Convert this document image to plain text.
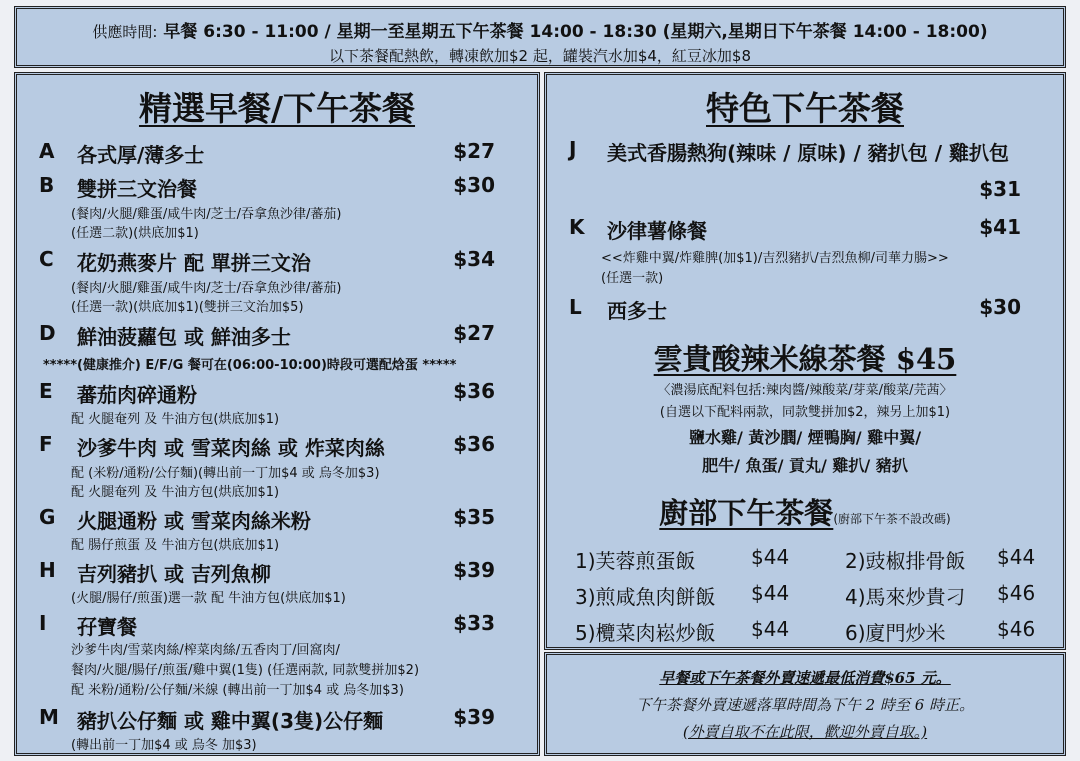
供應時間: 早餐 6:30 - 11:00 / 星期一至星期五下午茶餐 14:00 - 18:30 (星期六,星期日下午茶餐 14:00 - 18:00)
以下茶餐配熱飲，轉凍飲加$2 起，罐裝汽水加$4，紅豆冰加$8
精選早餐/下午茶餐
A 各式厚/薄多士	$27
B 雙拼三文治餐	$30
(餐肉/火腿/雞蛋/咸牛肉/芝士/吞拿魚沙律/蕃茄)
(任選二款)(烘底加$1)
C 花奶燕麥片 配 單拼三文治	$34
(餐肉/火腿/雞蛋/咸牛肉/芝士/吞拿魚沙律/蕃茄)
(任選一款)(烘底加$1)(雙拼三文治加$5)
D 鮮油菠蘿包 或 鮮油多士	$27
*****(健康推介) E/F/G 餐可在(06:00-10:00)時段可選配焓蛋 *****
E 蕃茄肉碎通粉	$36
配 火腿奄列 及 牛油方包(烘底加$1)
F 沙爹牛肉 或 雪菜肉絲 或 炸菜肉絲	$36
配 (米粉/通粉/公仔麵)(轉出前一丁加$4 或 烏冬加$3)
配 火腿奄列 及 牛油方包(烘底加$1)
G 火腿通粉 或 雪菜肉絲米粉	$35
配 腸仔煎蛋 及 牛油方包(烘底加$1)
H 吉列豬扒 或 吉列魚柳	$39
(火腿/腸仔/煎蛋)選一款 配 牛油方包(烘底加$1)
I 孖寶餐	$33
沙爹牛肉/雪菜肉絲/榨菜肉絲/五香肉丁/回窩肉/
餐肉/火腿/腸仔/煎蛋/雞中翼(1隻) (任選兩款, 同款雙拼加$2)
配 米粉/通粉/公仔麵/米線 (轉出前一丁加$4 或 烏冬加$3)
M 豬扒公仔麵 或 雞中翼(3隻)公仔麵	$39
(轉出前一丁加$4 或 烏冬 加$3)
特色下午茶餐
J 美式香腸熱狗(辣味 / 原味) / 豬扒包 / 雞扒包
$31
K 沙律薯條餐	$41
<<炸雞中翼/炸雞脾(加$1)/吉烈豬扒/吉烈魚柳/司華力腸>>
(任選一款)
L 西多士	$30
雲貴酸辣米線茶餐 $45
〈濃湯底配料包括:辣肉醬/辣酸菜/芽菜/酸菜/芫茜〉
(自選以下配料兩款，同款雙拼加$2，辣另上加$1)
鹽水雞/ 黃沙膶/ 煙鴨胸/ 雞中翼/
肥牛/ 魚蛋/ 貢丸/ 雞扒/ 豬扒
廚部下午茶餐(廚部下午茶不設改碼)
1)芙蓉煎蛋飯	$44	2)豉椒排骨飯 $44
3)煎咸魚肉餅飯 $44	4)馬來炒貴刁 $46
5)欖菜肉崧炒飯 $44	6)廈門炒米	$46
早餐或下午茶餐外賣速遞最低消費$65 元。
下午茶餐外賣速遞落單時間為下午 2 時至 6 時正。
(外賣自取不在此限，歡迎外賣自取。)
